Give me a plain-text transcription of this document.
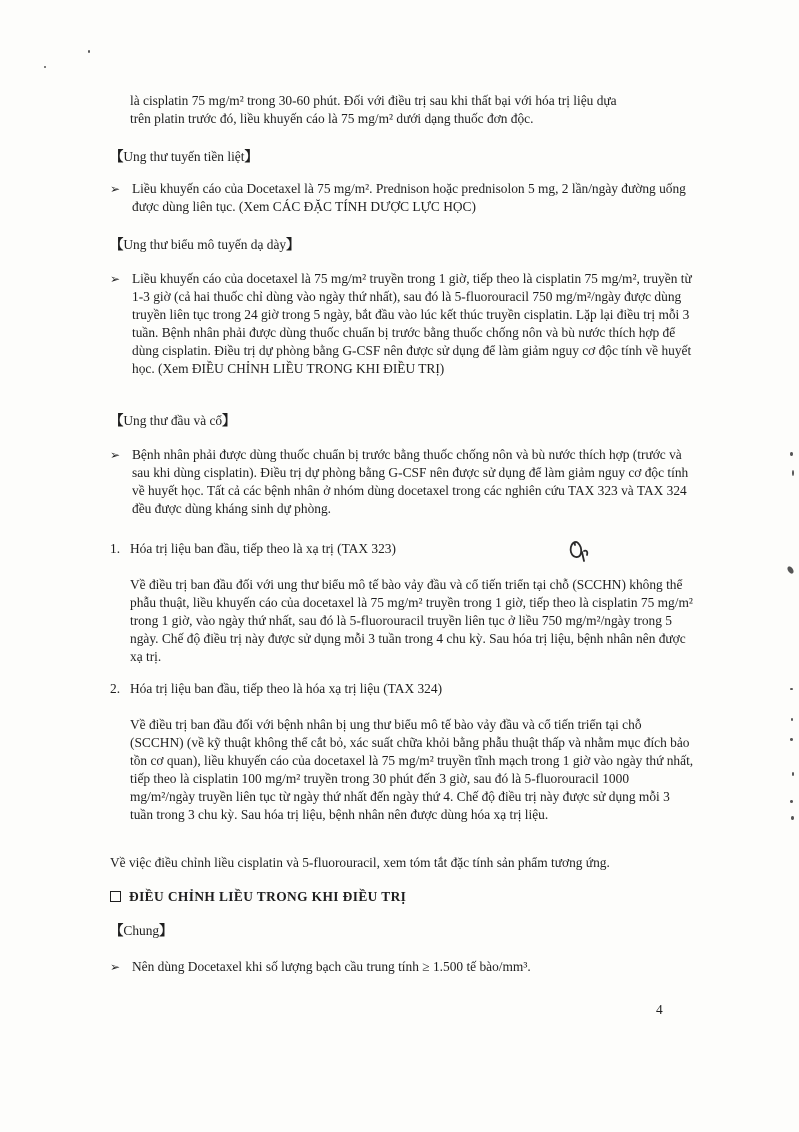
là cisplatin 75 mg/m² trong 30-60 phút. Đối với điều trị sau khi thất bại với hóa trị liệu dựa

trên platin trước đó, liều khuyến cáo là 75 mg/m² dưới dạng thuốc đơn độc.

【Ung thư tuyến tiền liệt】
➢ Liều khuyến cáo của Docetaxel là 75 mg/m². Prednison hoặc prednisolon 5 mg, 2 lần/ngày đường uống được dùng liên tục. (Xem CÁC ĐẶC TÍNH DƯỢC LỰC HỌC)
【Ung thư biểu mô tuyến dạ dày】
➢ Liều khuyến cáo của docetaxel là 75 mg/m² truyền trong 1 giờ, tiếp theo là cisplatin 75 mg/m², truyền từ 1-3 giờ (cả hai thuốc chỉ dùng vào ngày thứ nhất), sau đó là 5-fluorouracil 750 mg/m²/ngày được dùng truyền liên tục trong 24 giờ trong 5 ngày, bắt đầu vào lúc kết thúc truyền cisplatin. Lặp lại điều trị mỗi 3 tuần. Bệnh nhân phải được dùng thuốc chuẩn bị trước bằng thuốc chống nôn và bù nước thích hợp để dùng cisplatin. Điều trị dự phòng bằng G-CSF nên được sử dụng để làm giảm nguy cơ độc tính về huyết học. (Xem ĐIỀU CHỈNH LIỀU TRONG KHI ĐIỀU TRỊ)
【Ung thư đầu và cổ】
➢ Bệnh nhân phải được dùng thuốc chuẩn bị trước bằng thuốc chống nôn và bù nước thích hợp (trước và sau khi dùng cisplatin). Điều trị dự phòng bằng G-CSF nên được sử dụng để làm giảm nguy cơ độc tính về huyết học. Tất cả các bệnh nhân ở nhóm dùng docetaxel trong các nghiên cứu TAX 323 và TAX 324 đều được dùng kháng sinh dự phòng.
1. Hóa trị liệu ban đầu, tiếp theo là xạ trị (TAX 323)
Về điều trị ban đầu đối với ung thư biểu mô tế bào vảy đầu và cổ tiến triển tại chỗ (SCCHN) không thể phẫu thuật, liều khuyến cáo của docetaxel là 75 mg/m² truyền trong 1 giờ, tiếp theo là cisplatin 75 mg/m² trong 1 giờ, vào ngày thứ nhất, sau đó là 5-fluorouracil truyền liên tục ở liều 750 mg/m²/ngày trong 5 ngày. Chế độ điều trị này được sử dụng mỗi 3 tuần trong 4 chu kỳ. Sau hóa trị liệu, bệnh nhân nên được xạ trị.
2. Hóa trị liệu ban đầu, tiếp theo là hóa xạ trị liệu (TAX 324)
Về điều trị ban đầu đối với bệnh nhân bị ung thư biểu mô tế bào vảy đầu và cổ tiến triển tại chỗ (SCCHN) (về kỹ thuật không thể cắt bỏ, xác suất chữa khỏi bằng phẫu thuật thấp và nhằm mục đích bảo tồn cơ quan), liều khuyến cáo của docetaxel là 75 mg/m² truyền tĩnh mạch trong 1 giờ vào ngày thứ nhất, tiếp theo là cisplatin 100 mg/m² truyền trong 30 phút đến 3 giờ, sau đó là 5-fluorouracil 1000 mg/m²/ngày truyền liên tục từ ngày thứ nhất đến ngày thứ 4. Chế độ điều trị này được sử dụng mỗi 3 tuần trong 3 chu kỳ. Sau hóa trị liệu, bệnh nhân nên được dùng hóa xạ trị liệu.
Về việc điều chỉnh liều cisplatin và 5-fluorouracil, xem tóm tắt đặc tính sản phẩm tương ứng.
ĐIỀU CHỈNH LIỀU TRONG KHI ĐIỀU TRỊ
【Chung】
➢ Nên dùng Docetaxel khi số lượng bạch cầu trung tính ≥ 1.500 tế bào/mm³.
4
